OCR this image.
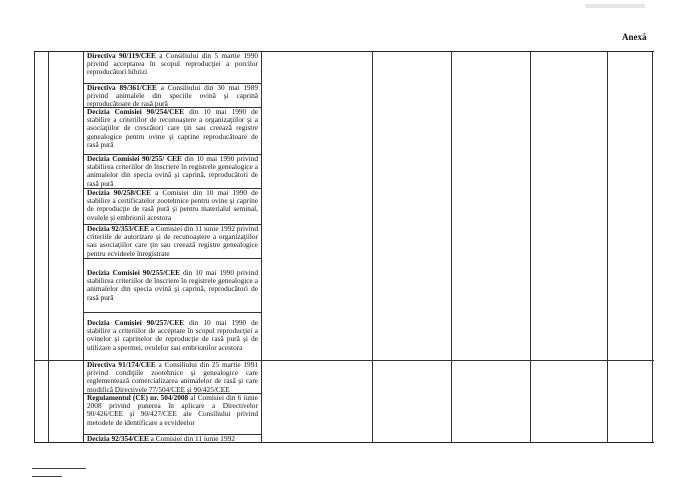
Anexă
Directiva 90/119/CEE a Consiliului din 5 martie 1990 privind acceptarea în scopul reproducţiei a porcilor reproducători hibrizi
Directiva 89/361/CEE a Consiliului din 30 mai 1989 privind animalele din speciile ovină şi caprină reproducătoare de rasă pură
Decizia Comisiei 90/254/CEE din 10 mai 1990 de stabilire a criteriilor de recunoaştere a organizaţiilor şi a asociaţiilor de crescători care ţin sau creează registre genealogice pentru ovine şi caprine reproducătoare de rasă pură
Decizia Comisiei 90/255/ CEE din 10 mai 1990 privind stabilirea criteriilor de înscriere în registrele genealogice a animalelor din specia ovină şi caprină, reproducători de rasă pură
Decizia 90/258/CEE a Comisiei din 10 mai 1990 de stabilire a certificatelor zootehnice pentru ovine şi caprine de reproducţie de rasă pură şi pentru materialul seminal, ovulele şi embrionii acestora
Decizia 92/353/CEE a Comisiei din 11 iunie 1992 privind criteriile de autorizare şi de recunoaştere a organizaţiilor sau asociaţiilor care ţin sau creează registre genealogice pentru ecvideele înregistrate
Decizia Comisiei 90/255/CEE din 10 mai 1990 privind stabilirea criteriilor de înscriere în registrele genealogice a animalelor din specia ovină şi caprină, reproducători de rasă pură
Decizia Comisiei 90/257/CEE din 10 mai 1990 de stabilire a criteriilor de acceptare în scopul reproducţiei a ovinelor şi caprinelor de reproducţie de rasă pură şi de utilizare a spermei, ovulelor sau embrionilor acestora
Directiva 91/174/CEE a Consiliului din 25 martie 1991 privind condiţiile zootehnice şi genealogice care reglementează comercializarea animalelor de rasă şi care modifică Directivele 77/504/CEE şi 90/425/CEE
Regulamentul (CE) nr. 504/2008 al Comisiei din 6 iunie 2008 privind punerea în aplicare a Directivelor 90/426/CEE şi 90/427/CEE ale Consiliului privind metodele de identificare a ecvideelor
Decizia 92/354/CEE a Comisiei din 11 iunie 1992
